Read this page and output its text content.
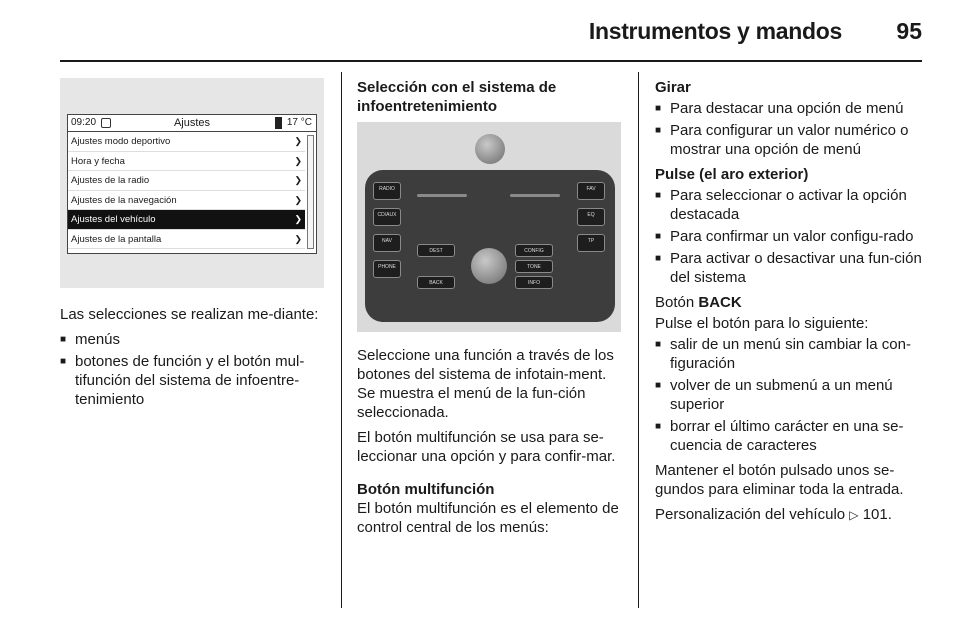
Instrumentos y mandos 95
09:20	Ajustes	17 °C
Ajustes modo deportivo	❯
Hora y fecha	❯
Ajustes de la radio	❯
Ajustes de la navegación	❯
Ajustes del vehículo	❯
Ajustes de la pantalla	❯

Las selecciones se realizan me-diante:

■ menús
■ botones de función y el botón mul-tifunción del sistema de infoentre-tenimiento

Selección con el sistema de infoentretenimiento

RADIO
CD/AUX
NAV
PHONE
FAV
EQ
TP
DEST
INFO
BACK
CONFIG
TONE

Seleccione una función a través de los botones del sistema de infotain-ment. Se muestra el menú de la fun-ción seleccionada.

El botón multifunción se usa para se-leccionar una opción y para confir-mar.

Botón multifunción

El botón multifunción es el elemento de control central de los menús:

Girar

■ Para destacar una opción de menú
■ Para configurar un valor numérico o mostrar una opción de menú

Pulse (el aro exterior)

■ Para seleccionar o activar la opción destacada
■ Para confirmar un valor configu-rado
■ Para activar o desactivar una fun-ción del sistema

Botón BACK

Pulse el botón para lo siguiente:

■ salir de un menú sin cambiar la con-figuración
■ volver de un submenú a un menú superior
■ borrar el último carácter en una se-cuencia de caracteres

Mantener el botón pulsado unos se-gundos para eliminar toda la entrada.

Personalización del vehículo ▷ 101.
